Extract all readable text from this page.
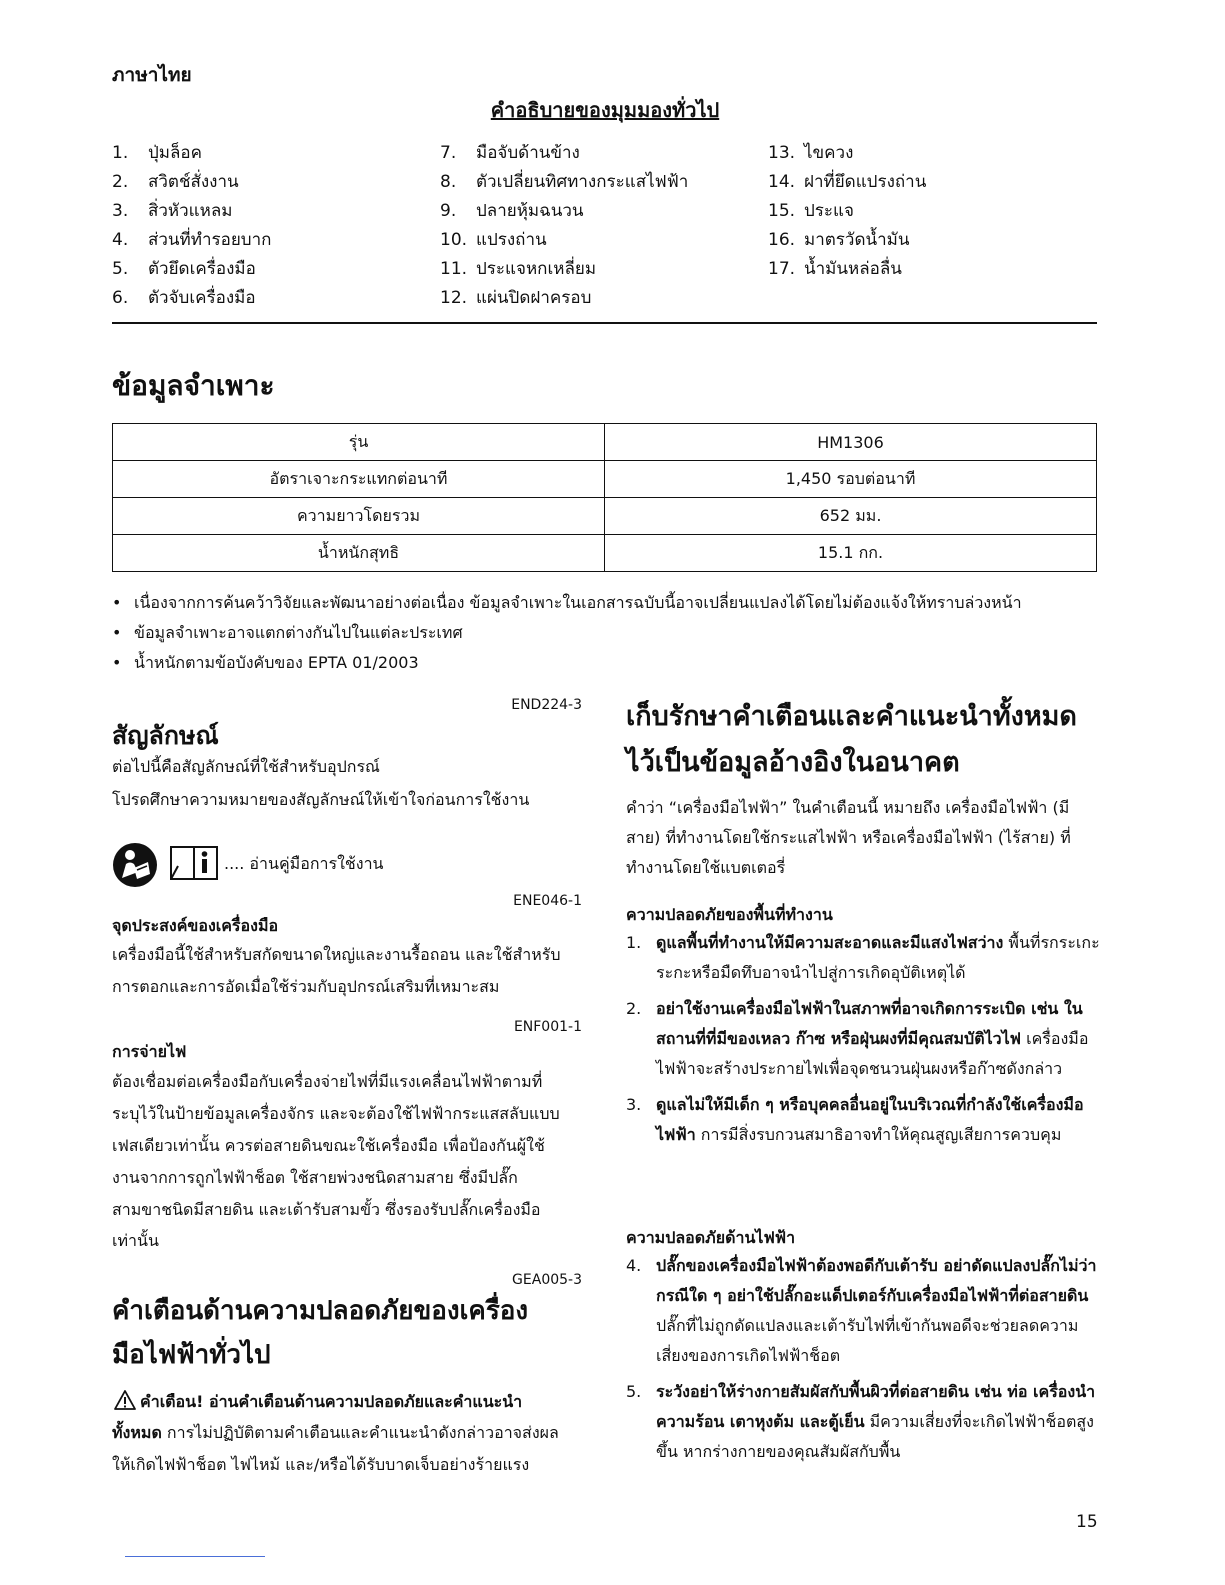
ภาษาไทย
คำอธิบายของมุมมองทั่วไป
1.	ปุ่มล็อค
2.	สวิตช์สั่งงาน
3.	สิ่วหัวแหลม
4.	ส่วนที่ทำรอยบาก
5.	ตัวยึดเครื่องมือ
6.	ตัวจับเครื่องมือ
7.	มือจับด้านข้าง
8.	ตัวเปลี่ยนทิศทางกระแสไฟฟ้า
9.	ปลายหุ้มฉนวน
10. แปรงถ่าน
11. ประแจหกเหลี่ยม
12. แผ่นปิดฝาครอบ
13. ไขควง
14. ฝาที่ยึดแปรงถ่าน
15. ประแจ
16. มาตรวัดน้ำมัน
17. น้ำมันหล่อลื่น
ข้อมูลจำเพาะ
รุ่น	HM1306
อัตราเจาะกระแทกต่อนาที	1,450 รอบต่อนาที
ความยาวโดยรวม	652 มม.
น้ำหนักสุทธิ	15.1 กก.
• เนื่องจากการค้นคว้าวิจัยและพัฒนาอย่างต่อเนื่อง ข้อมูลจำเพาะในเอกสารฉบับนี้อาจเปลี่ยนแปลงได้โดยไม่ต้องแจ้งให้ทราบล่วงหน้า
• ข้อมูลจำเพาะอาจแตกต่างกันไปในแต่ละประเทศ
• น้ำหนักตามข้อบังคับของ EPTA 01/2003
END224-3
สัญลักษณ์
ต่อไปนี้คือสัญลักษณ์ที่ใช้สำหรับอุปกรณ์
โปรดศึกษาความหมายของสัญลักษณ์ให้เข้าใจก่อนการใช้งาน
.... อ่านคู่มือการใช้งาน
ENE046-1
จุดประสงค์ของเครื่องมือ
เครื่องมือนี้ใช้สำหรับสกัดขนาดใหญ่และงานรื้อถอน และใช้สำหรับ
การตอกและการอัดเมื่อใช้ร่วมกับอุปกรณ์เสริมที่เหมาะสม
ENF001-1
การจ่ายไฟ
ต้องเชื่อมต่อเครื่องมือกับเครื่องจ่ายไฟที่มีแรงเคลื่อนไฟฟ้าตามที่
ระบุไว้ในป้ายข้อมูลเครื่องจักร และจะต้องใช้ไฟฟ้ากระแสสลับแบบ
เฟสเดียวเท่านั้น ควรต่อสายดินขณะใช้เครื่องมือ เพื่อป้องกันผู้ใช้
งานจากการถูกไฟฟ้าช็อต ใช้สายพ่วงชนิดสามสาย ซึ่งมีปลั๊ก
สามขาชนิดมีสายดิน และเต้ารับสามขั้ว ซึ่งรองรับปลั๊กเครื่องมือ
เท่านั้น
GEA005-3
คำเตือนด้านความปลอดภัยของเครื่อง
มือไฟฟ้าทั่วไป
คำเตือน! อ่านคำเตือนด้านความปลอดภัยและคำแนะนำ
ทั้งหมด การไม่ปฏิบัติตามคำเตือนและคำแนะนำดังกล่าวอาจส่งผล
ให้เกิดไฟฟ้าช็อต ไฟไหม้ และ/หรือได้รับบาดเจ็บอย่างร้ายแรง
เก็บรักษาคำเตือนและคำแนะนำทั้งหมด
ไว้เป็นข้อมูลอ้างอิงในอนาคต
คำว่า “เครื่องมือไฟฟ้า” ในคำเตือนนี้ หมายถึง เครื่องมือไฟฟ้า (มี
สาย) ที่ทำงานโดยใช้กระแสไฟฟ้า หรือเครื่องมือไฟฟ้า (ไร้สาย) ที่
ทำงานโดยใช้แบตเตอรี่
ความปลอดภัยของพื้นที่ทำงาน
1. ดูแลพื้นที่ทำงานให้มีความสะอาดและมีแสงไฟสว่าง พื้นที่รกระเกะระกะหรือมืดทึบอาจนำไปสู่การเกิดอุบัติเหตุได้
2. อย่าใช้งานเครื่องมือไฟฟ้าในสภาพที่อาจเกิดการระเบิด เช่น ในสถานที่ที่มีของเหลว ก๊าซ หรือฝุ่นผงที่มีคุณสมบัติไวไฟ เครื่องมือไฟฟ้าจะสร้างประกายไฟเพื่อจุดชนวนฝุ่นผงหรือก๊าซดังกล่าว
3. ดูแลไม่ให้มีเด็ก ๆ หรือบุคคลอื่นอยู่ในบริเวณที่กำลังใช้เครื่องมือไฟฟ้า การมีสิ่งรบกวนสมาธิอาจทำให้คุณสูญเสียการควบคุม
ความปลอดภัยด้านไฟฟ้า
4. ปลั๊กของเครื่องมือไฟฟ้าต้องพอดีกับเต้ารับ อย่าดัดแปลงปลั๊กไม่ว่ากรณีใด ๆ อย่าใช้ปลั๊กอะแด็ปเตอร์กับเครื่องมือไฟฟ้าที่ต่อสายดิน ปลั๊กที่ไม่ถูกดัดแปลงและเต้ารับไฟที่เข้ากันพอดีจะช่วยลดความเสี่ยงของการเกิดไฟฟ้าช็อต
5. ระวังอย่าให้ร่างกายสัมผัสกับพื้นผิวที่ต่อสายดิน เช่น ท่อ เครื่องนำความร้อน เตาหุงต้ม และตู้เย็น มีความเสี่ยงที่จะเกิดไฟฟ้าช็อตสูงขึ้น หากร่างกายของคุณสัมผัสกับพื้น
15
